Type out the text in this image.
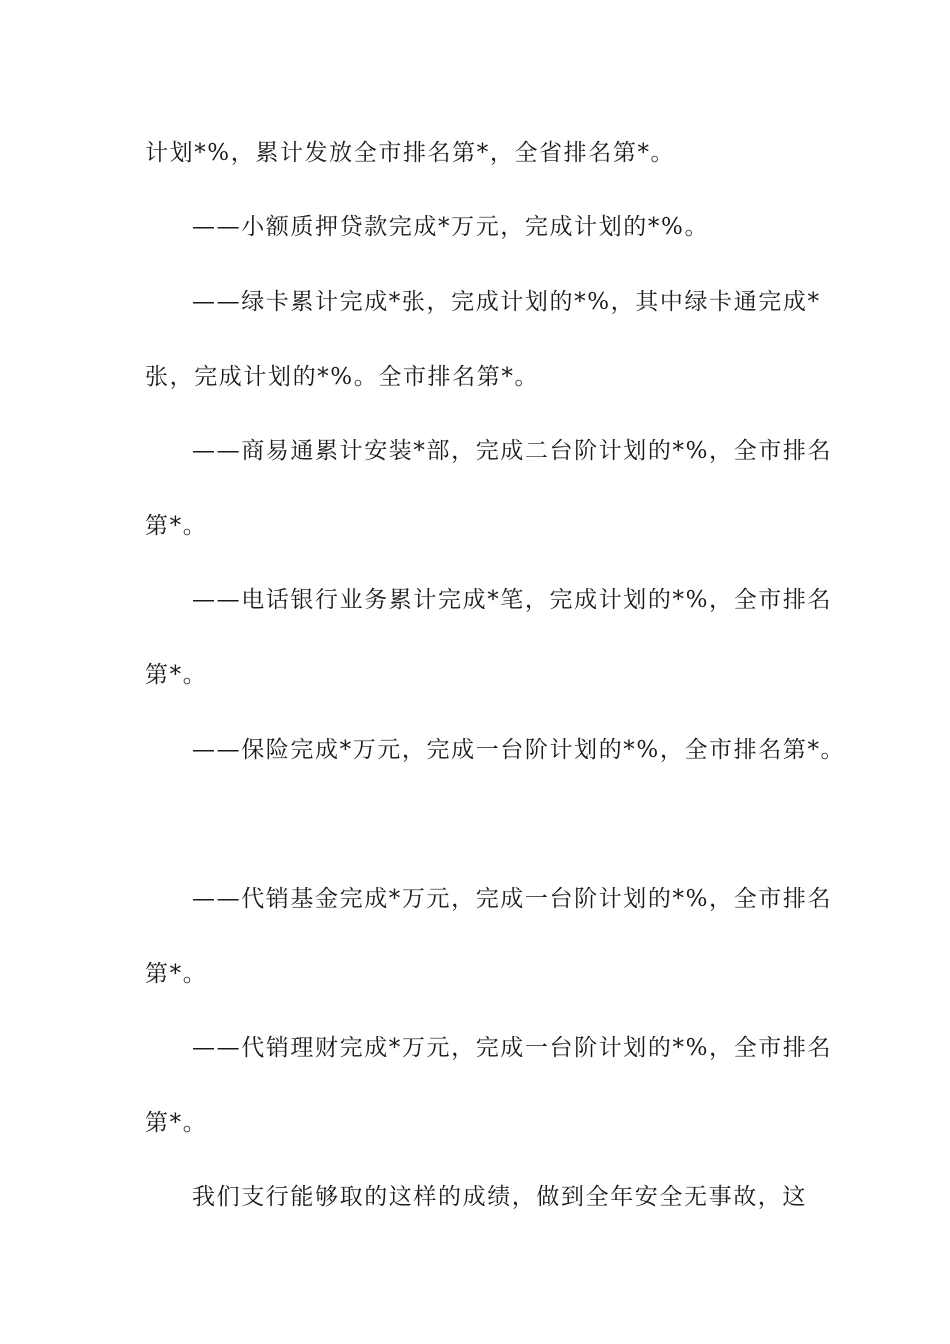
计划*%，累计发放全市排名第*，全省排名第*。
——小额质押贷款完成*万元，完成计划的*%。
——绿卡累计完成*张，完成计划的*%，其中绿卡通完成*
张，完成计划的*%。全市排名第*。
——商易通累计安装*部，完成二台阶计划的*%，全市排名
第*。
——电话银行业务累计完成*笔，完成计划的*%，全市排名
第*。
——保险完成*万元，完成一台阶计划的*%，全市排名第*。
——代销基金完成*万元，完成一台阶计划的*%，全市排名
第*。
——代销理财完成*万元，完成一台阶计划的*%，全市排名
第*。
我们支行能够取的这样的成绩，做到全年安全无事故，这
